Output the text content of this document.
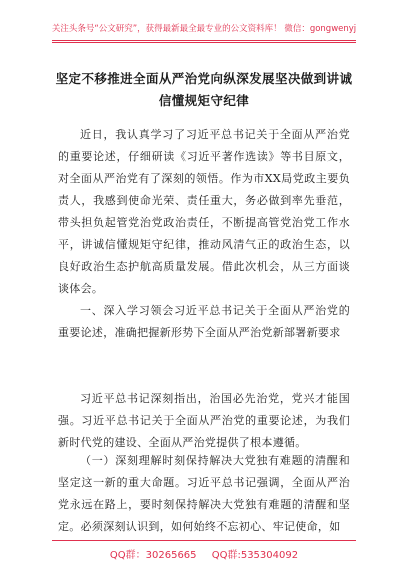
关注头条号“公文研究”，获得最新最全最专业的公文资料库！ 微信：gongwenyj
坚定不移推进全面从严治党向纵深发展坚决做到讲诚信懂规矩守纪律

近日，我认真学习了习近平总书记关于全面从严治党的重要论述，仔细研读《习近平著作选读》等书目原文，对全面从严治党有了深刻的领悟。作为市XX局党政主要负责人，我感到使命光荣、责任重大，务必做到率先垂范，带头担负起管党治党政治责任，不断提高管党治党工作水平，讲诚信懂规矩守纪律，推动风清气正的政治生态，以良好政治生态护航高质量发展。借此次机会，从三方面谈谈体会。

一、深入学习领会习近平总书记关于全面从严治党的重要论述，准确把握新形势下全面从严治党新部署新要求

习近平总书记深刻指出，治国必先治党，党兴才能国强。习近平总书记关于全面从严治党的重要论述，为我们新时代党的建设、全面从严治党提供了根本遵循。

（一）深刻理解时刻保持解决大党独有难题的清醒和坚定这一新的重大命题。习近平总书记强调，全面从严治党永远在路上，要时刻保持解决大党独有难题的清醒和坚定。必须深刻认识到，如何始终不忘初心、牢记使命，如

QQ群：30265665 QQ群:535304092
